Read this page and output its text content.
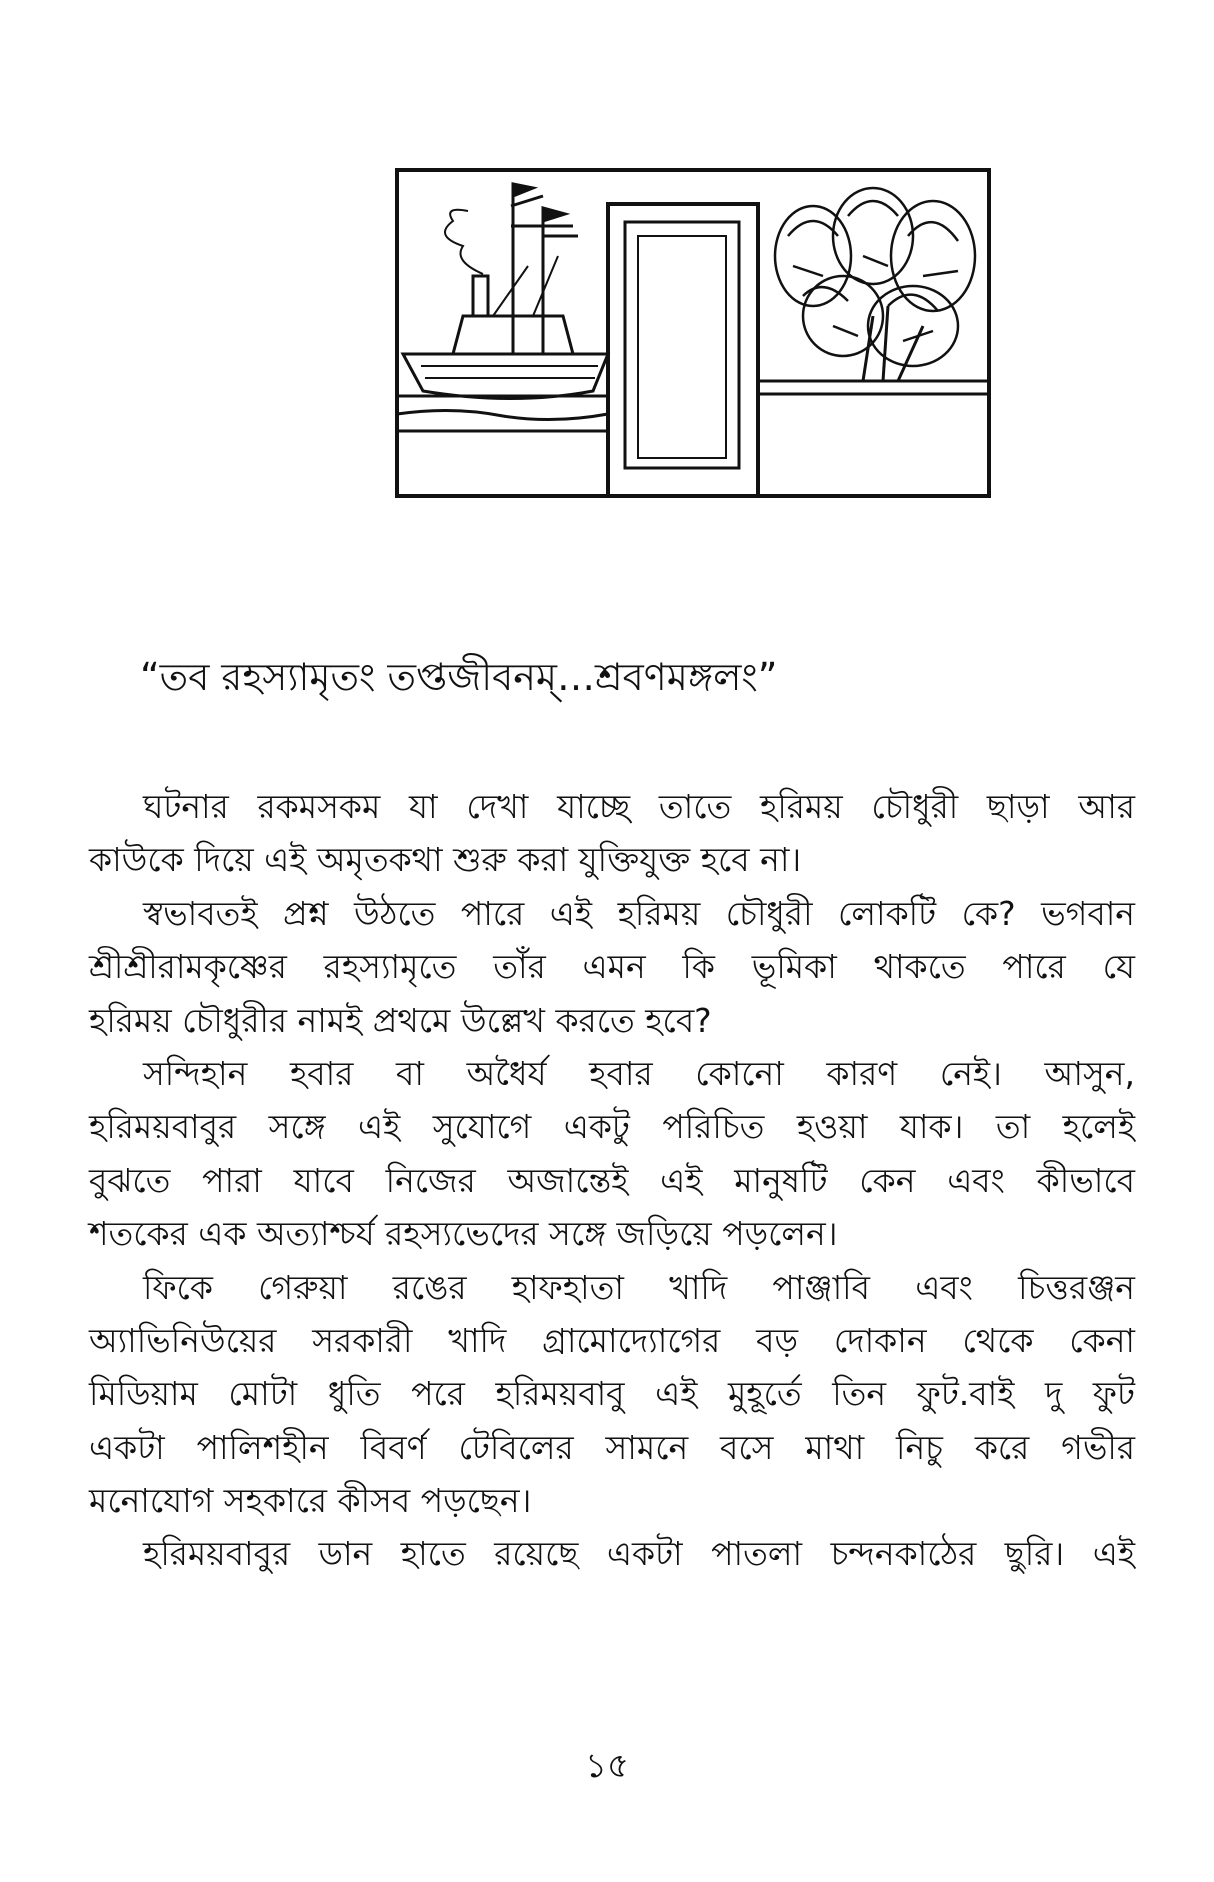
“তব রহস্যামৃতং তপ্তজীবনম্…শ্রবণমঙ্গলং”
ঘটনার রকমসকম যা দেখা যাচ্ছে তাতে হরিময় চৌধুরী ছাড়া আর
কাউকে দিয়ে এই অমৃতকথা শুরু করা যুক্তিযুক্ত হবে না।
স্বভাবতই প্রশ্ন উঠতে পারে এই হরিময় চৌধুরী লোকটি কে? ভগবান
শ্রীশ্রীরামকৃষ্ণের রহস্যামৃতে তাঁর এমন কি ভূমিকা থাকতে পারে যে
হরিময় চৌধুরীর নামই প্রথমে উল্লেখ করতে হবে?
সন্দিহান হবার বা অধৈর্য হবার কোনো কারণ নেই। আসুন,
হরিময়বাবুর সঙ্গে এই সুযোগে একটু পরিচিত হওয়া যাক। তা হলেই
বুঝতে পারা যাবে নিজের অজান্তেই এই মানুষটি কেন এবং কীভাবে
শতকের এক অত্যাশ্চর্য রহস্যভেদের সঙ্গে জড়িয়ে পড়লেন।
ফিকে গেরুয়া রঙের হাফহাতা খাদি পাঞ্জাবি এবং চিত্তরঞ্জন
অ্যাভিনিউয়ের সরকারী খাদি গ্রামোদ্যোগের বড় দোকান থেকে কেনা
মিডিয়াম মোটা ধুতি পরে হরিময়বাবু এই মুহূর্তে তিন ফুট.বাই দু ফুট
একটা পালিশহীন বিবর্ণ টেবিলের সামনে বসে মাথা নিচু করে গভীর
মনোযোগ সহকারে কীসব পড়ছেন।
হরিময়বাবুর ডান হাতে রয়েছে একটা পাতলা চন্দনকাঠের ছুরি। এই
১৫
